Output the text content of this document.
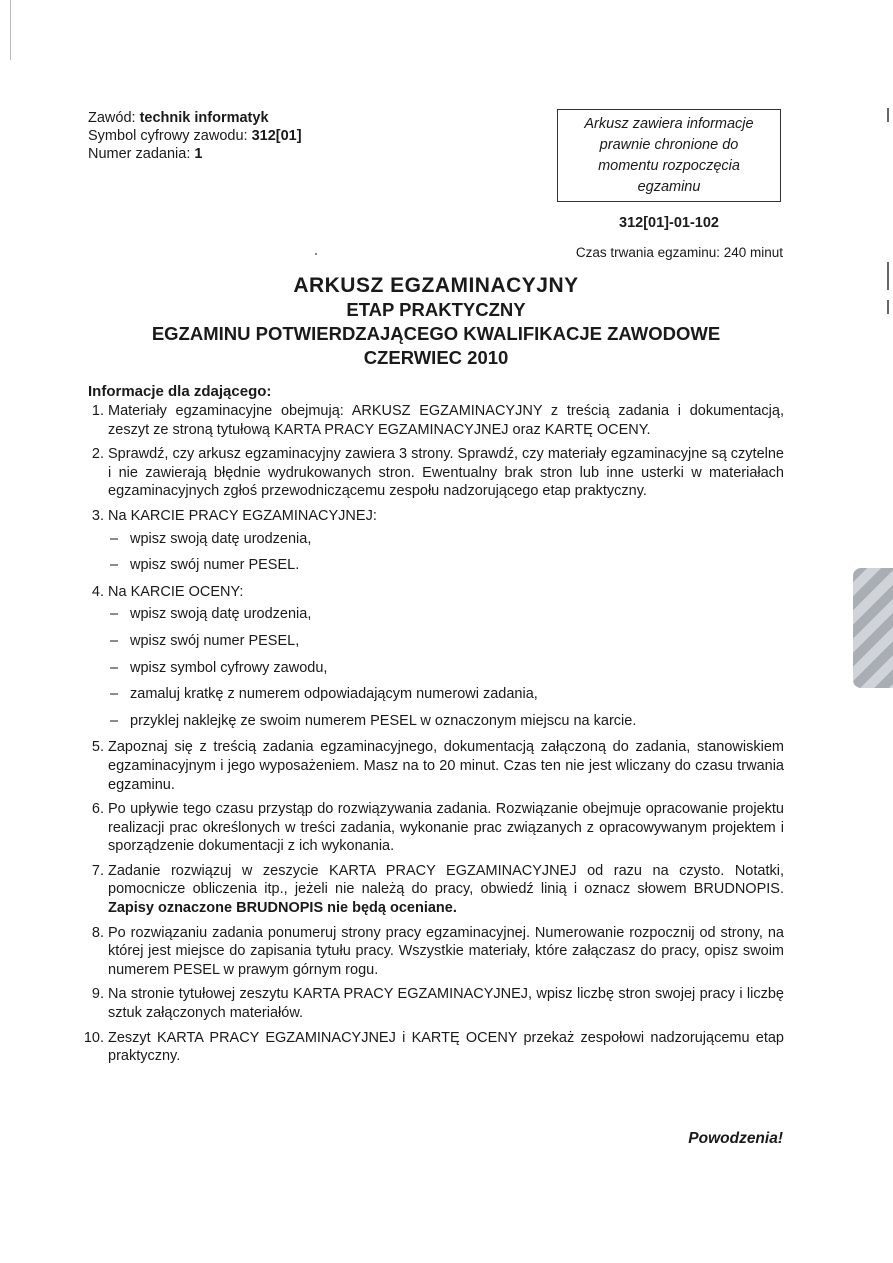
Zawód: technik informatyk
Symbol cyfrowy zawodu: 312[01]
Numer zadania: 1
Arkusz zawiera informacje
prawnie chronione do
momentu rozpoczęcia
egzaminu
312[01]-01-102
Czas trwania egzaminu: 240 minut
ARKUSZ EGZAMINACYJNY
ETAP PRAKTYCZNY
EGZAMINU POTWIERDZAJĄCEGO KWALIFIKACJE ZAWODOWE
CZERWIEC 2010
Informacje dla zdającego:
1. Materiały egzaminacyjne obejmują: ARKUSZ EGZAMINACYJNY z treścią zadania i dokumentacją, zeszyt ze stroną tytułową KARTA PRACY EGZAMINACYJNEJ oraz KARTĘ OCENY.
2. Sprawdź, czy arkusz egzaminacyjny zawiera 3 strony. Sprawdź, czy materiały egzaminacyjne są czytelne i nie zawierają błędnie wydrukowanych stron. Ewentualny brak stron lub inne usterki w materiałach egzaminacyjnych zgłoś przewodniczącemu zespołu nadzorującego etap praktyczny.
3. Na KARCIE PRACY EGZAMINACYJNEJ:
– wpisz swoją datę urodzenia,
– wpisz swój numer PESEL.
4. Na KARCIE OCENY:
– wpisz swoją datę urodzenia,
– wpisz swój numer PESEL,
– wpisz symbol cyfrowy zawodu,
– zamaluj kratkę z numerem odpowiadającym numerowi zadania,
– przyklej naklejkę ze swoim numerem PESEL w oznaczonym miejscu na karcie.
5. Zapoznaj się z treścią zadania egzaminacyjnego, dokumentacją załączoną do zadania, stanowiskiem egzaminacyjnym i jego wyposażeniem. Masz na to 20 minut. Czas ten nie jest wliczany do czasu trwania egzaminu.
6. Po upływie tego czasu przystąp do rozwiązywania zadania. Rozwiązanie obejmuje opracowanie projektu realizacji prac określonych w treści zadania, wykonanie prac związanych z opracowywanym projektem i sporządzenie dokumentacji z ich wykonania.
7. Zadanie rozwiązuj w zeszycie KARTA PRACY EGZAMINACYJNEJ od razu na czysto. Notatki, pomocnicze obliczenia itp., jeżeli nie należą do pracy, obwiedź linią i oznacz słowem BRUDNOPIS. Zapisy oznaczone BRUDNOPIS nie będą oceniane.
8. Po rozwiązaniu zadania ponumeruj strony pracy egzaminacyjnej. Numerowanie rozpocznij od strony, na której jest miejsce do zapisania tytułu pracy. Wszystkie materiały, które załączasz do pracy, opisz swoim numerem PESEL w prawym górnym rogu.
9. Na stronie tytułowej zeszytu KARTA PRACY EGZAMINACYJNEJ, wpisz liczbę stron swojej pracy i liczbę sztuk załączonych materiałów.
10. Zeszyt KARTA PRACY EGZAMINACYJNEJ i KARTĘ OCENY przekaż zespołowi nadzorującemu etap praktyczny.
Powodzenia!
